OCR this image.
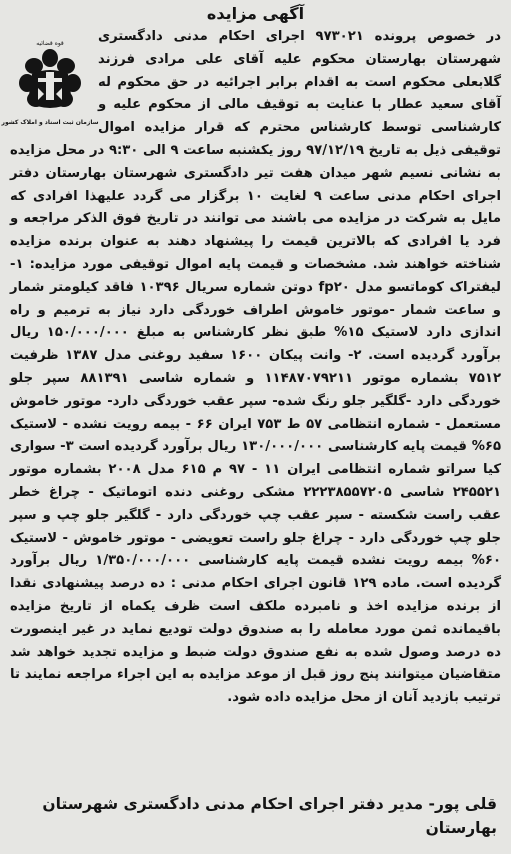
آگهی مزایده
قوه قضائیه
سازمان ثبت اسناد و املاک کشور
در خصوص پرونده ۹۷۳۰۲۱ اجرای احکام مدنی دادگستری شهرستان بهارستان محکوم علیه آقای علی مرادی فرزند گلابعلی محکوم است به اقدام برابر اجرائیه در حق محکوم له آقای سعید عطار با عنایت به توقیف مالی از محکوم علیه و کارشناسی توسط کارشناس محترم که قرار مزایده اموال توقیفی ذیل به تاریخ ۹۷/۱۲/۱۹ روز یکشنبه ساعت ۹ الی ۹:۳۰ در محل مزایده به نشانی نسیم شهر میدان هفت تیر دادگستری شهرستان بهارستان دفتر اجرای احکام مدنی ساعت ۹ لغایت ۱۰ برگزار می گردد علیهذا افرادی که مایل به شرکت در مزایده می باشند می توانند در تاریخ فوق الذکر مراجعه و فرد یا افرادی که بالاترین قیمت را پیشنهاد دهند به عنوان برنده مزایده شناخته خواهند شد. مشخصات و قیمت پایه اموال توقیفی مورد مزایده: ۱- لیفتراک کوماتسو مدل fp۲۰ دوتن شماره سریال ۱۰۳۹۶ فاقد کیلومتر شمار و ساعت شمار -موتور خاموش اطراف خوردگی دارد نیاز به ترمیم و راه اندازی دارد لاستیک ۱۵% طبق نظر کارشناس به مبلغ ۱۵۰/۰۰۰/۰۰۰ ریال برآورد گردیده است. ۲- وانت پیکان ۱۶۰۰ سفید روغنی مدل ۱۳۸۷ ظرفیت ۷۵۱۲ بشماره موتور ۱۱۴۸۷۰۷۹۲۱۱ و شماره شاسی ۸۸۱۳۹۱ سپر جلو خوردگی دارد -گلگیر جلو رنگ شده- سپر عقب خوردگی دارد- موتور خاموش مستعمل - شماره انتظامی ۵۷ ط ۷۵۳ ایران ۶۶ - بیمه رویت نشده - لاستیک ۶۵% قیمت پایه کارشناسی ۱۳۰/۰۰۰/۰۰۰ ریال برآورد گردیده است ۳- سواری کیا سراتو شماره انتظامی ایران ۱۱ - ۹۷ م ۶۱۵ مدل ۲۰۰۸ بشماره موتور ۲۴۵۵۲۱ شاسی ۲۲۲۳۸۵۵۷۲۰۵ مشکی روغنی دنده اتوماتیک - چراغ خطر عقب راست شکسته - سپر عقب چپ خوردگی دارد - گلگیر جلو چپ و سپر جلو چپ خوردگی دارد - چراغ جلو راست تعویضی - موتور خاموش - لاستیک ۶۰% بیمه رویت نشده قیمت پایه کارشناسی ۱/۳۵۰/۰۰۰/۰۰۰ ریال برآورد گردیده است. ماده ۱۲۹ قانون اجرای احکام مدنی : ده درصد پیشنهادی نقدا از برنده مزایده اخذ و نامبرده ملکف است ظرف یکماه از تاریخ مزایده باقیمانده ثمن مورد معامله را به صندوق دولت تودیع نماید در غیر اینصورت ده درصد وصول شده به نفع صندوق دولت ضبط و مزایده تجدید خواهد شد متقاضیان میتوانند پنج روز قبل از موعد مزایده به این اجراء مراجعه نمایند تا ترتیب بازدید آنان از محل مزایده داده شود.
قلی پور- مدیر دفتر اجرای احکام مدنی دادگستری شهرستان بهارستان
